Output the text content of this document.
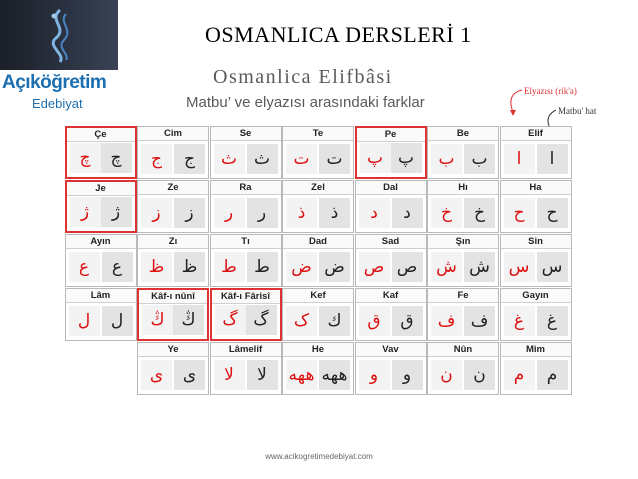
Açıköğretim
Edebiyat
OSMANLICA DERSLERİ 1
Osmanlica Elifbâsi
Matbu’ ve elyazısı arasındaki farklar
Elyazısı (rik'a)
Matbu' hat
Elif
ا	ا
Be
ب ب
Pe
پ پ
Te
ت ت
Se
ث ث
Cim
ج	ج
Çe
چ	چ
Ha
ح	ح
Hı
خ	خ
Dal
د	د
Zel
ذ	ذ
Ra
ر	ر
Ze
ز	ز
Je
ژ	ژ
Sin
س س
Şın
ش ش
Sad
ص ص
Dad
ض ض
Tı
ط	ط
Zı
ظ	ظ
Ayın
ع	ع
Gayın
غ	غ
Fe
ف ف
Kaf
ق	ق
Kef
ک	ك
Kâf-ı Fârisî
گ گ
Kâf-ı nûnî
ڭ ڭ
Lâm
ل	ل
Mim
م	م
Nûn
ن	ن
Vav
و	و
He
ههه ههه
Lâmelif
لا	لا
Ye
ى	ى
www.acikogretimedebiyat.com
